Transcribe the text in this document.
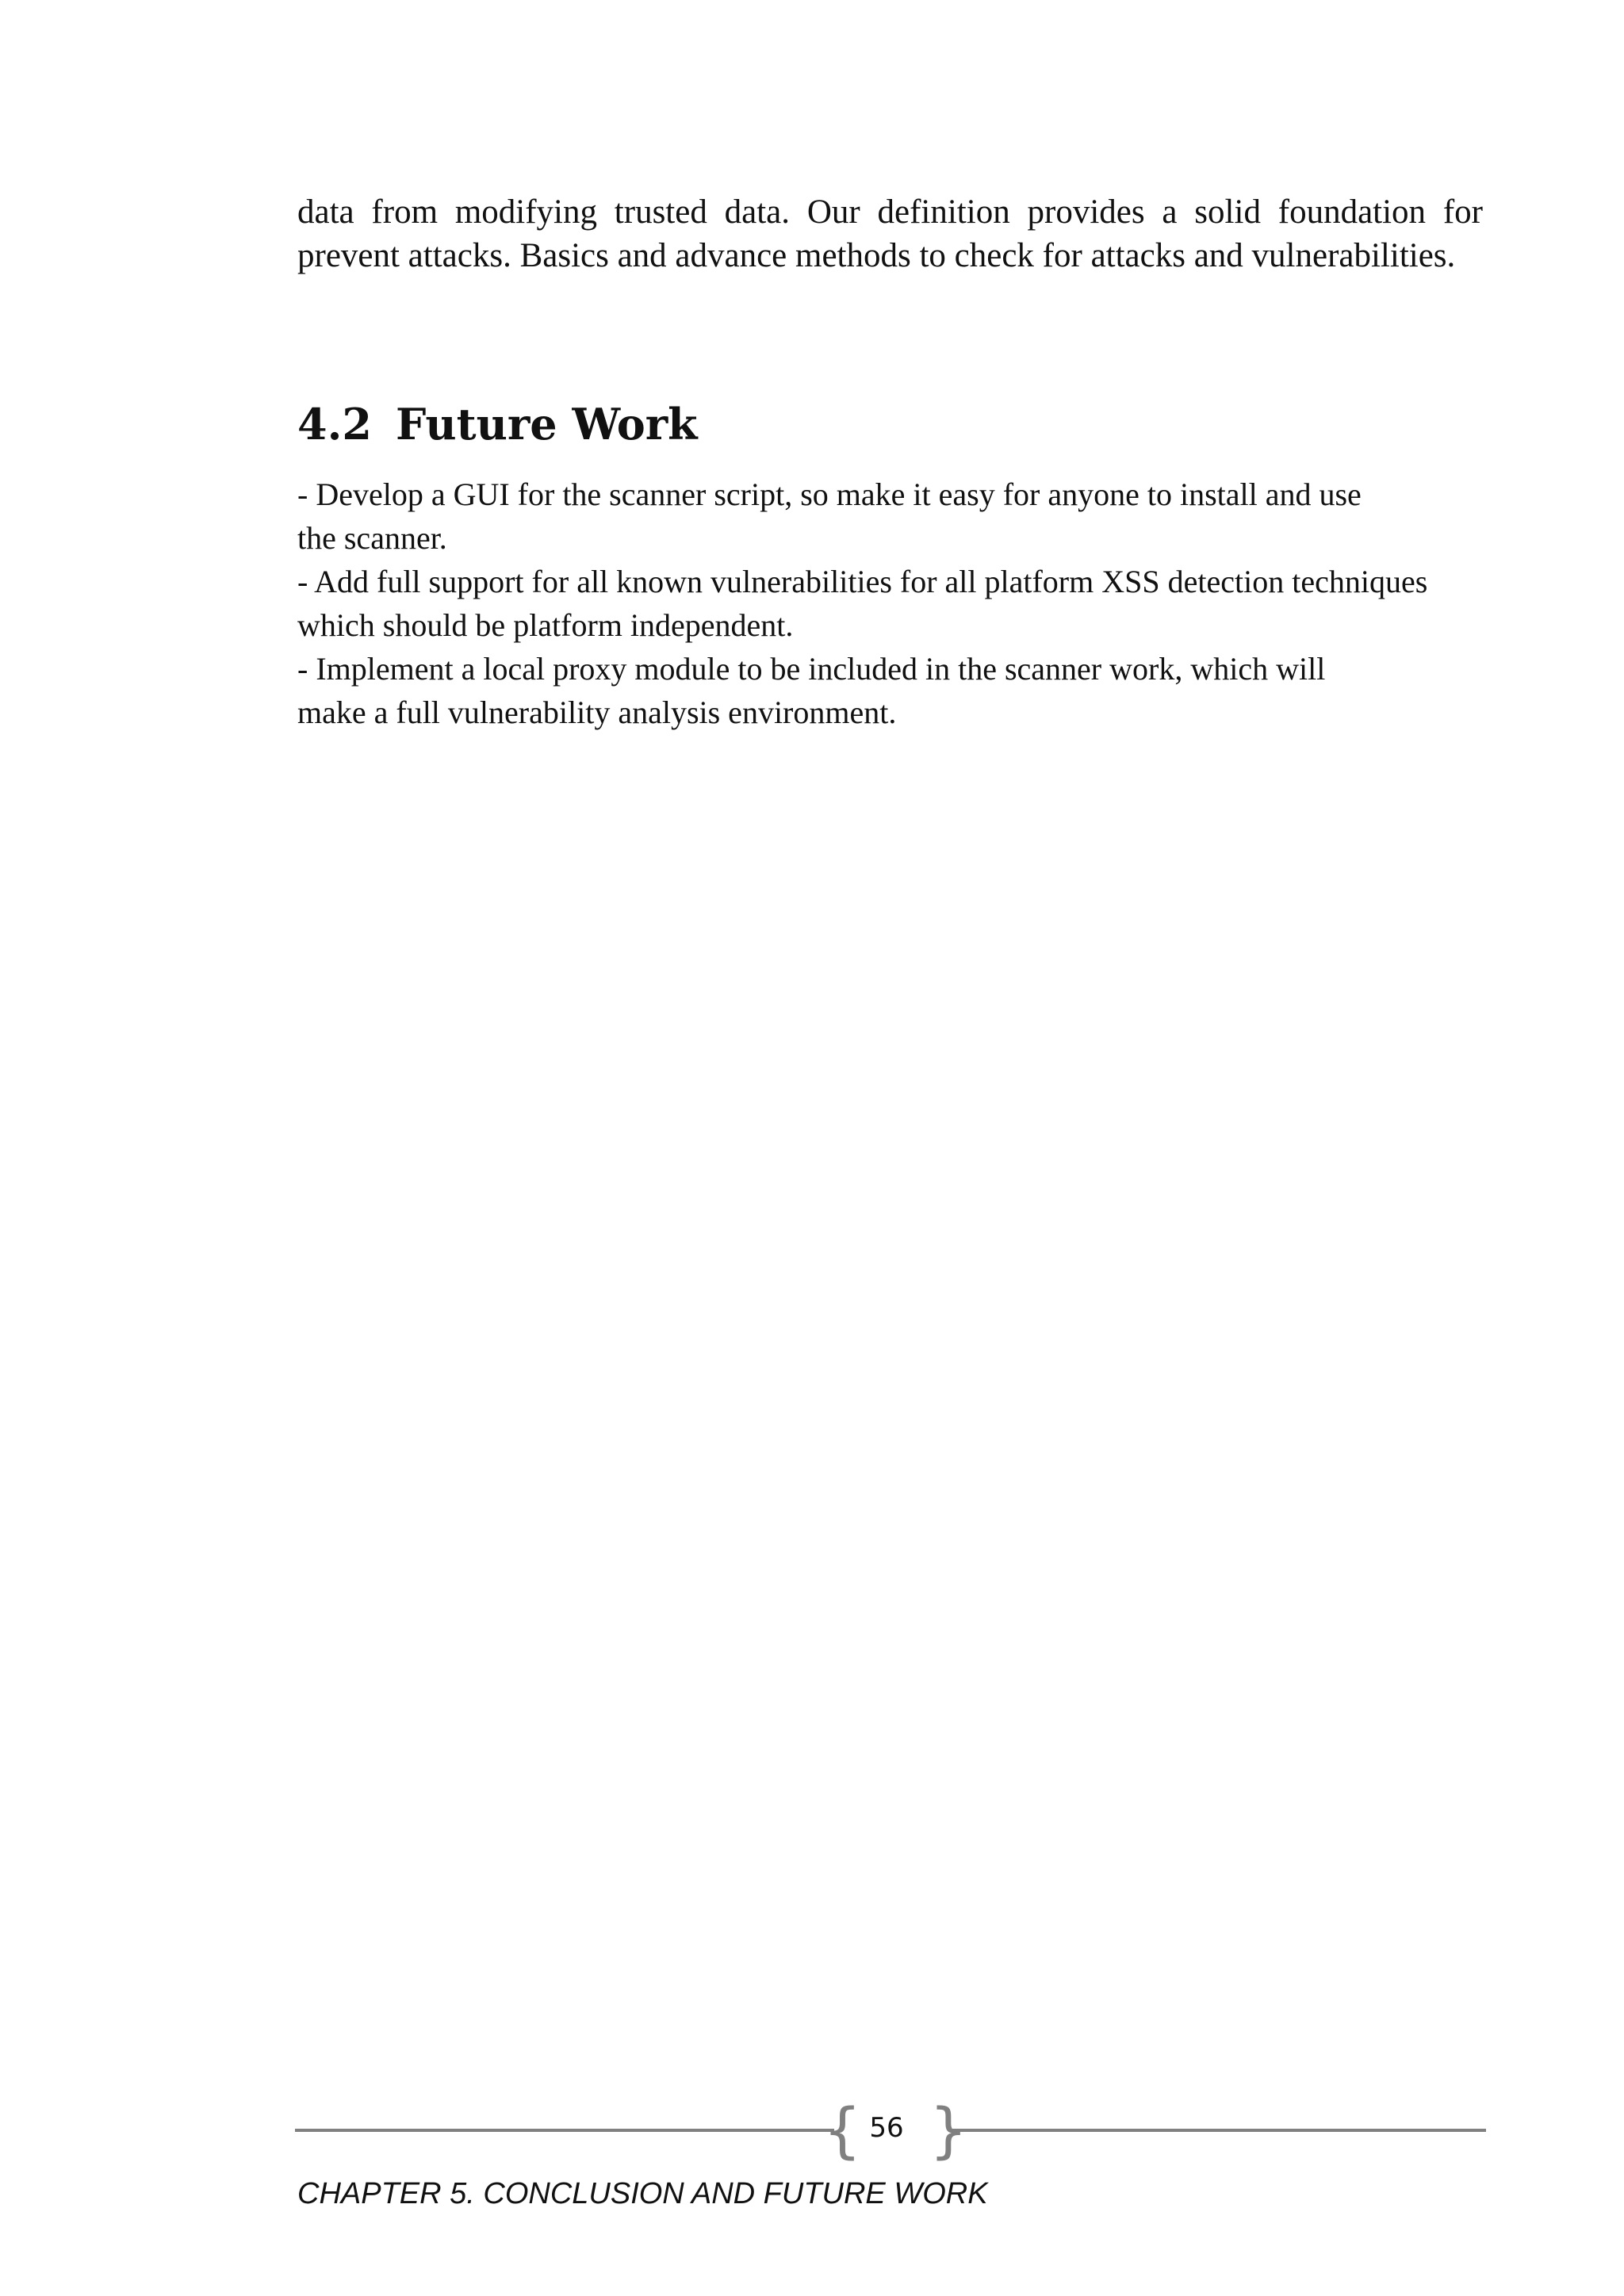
data from modifying trusted data. Our definition provides a solid foundation for prevent attacks. Basics and advance methods to check for attacks and vulnerabilities.

4.2 Future Work
- Develop a GUI for the scanner script, so make it easy for anyone to install and use
the scanner.
- Add full support for all known vulnerabilities for all platform XSS detection techniques
which should be platform independent.
- Implement a local proxy module to be included in the scanner work, which will
make a full vulnerability analysis environment.
{ 56 }

CHAPTER 5. CONCLUSION AND FUTURE WORK
